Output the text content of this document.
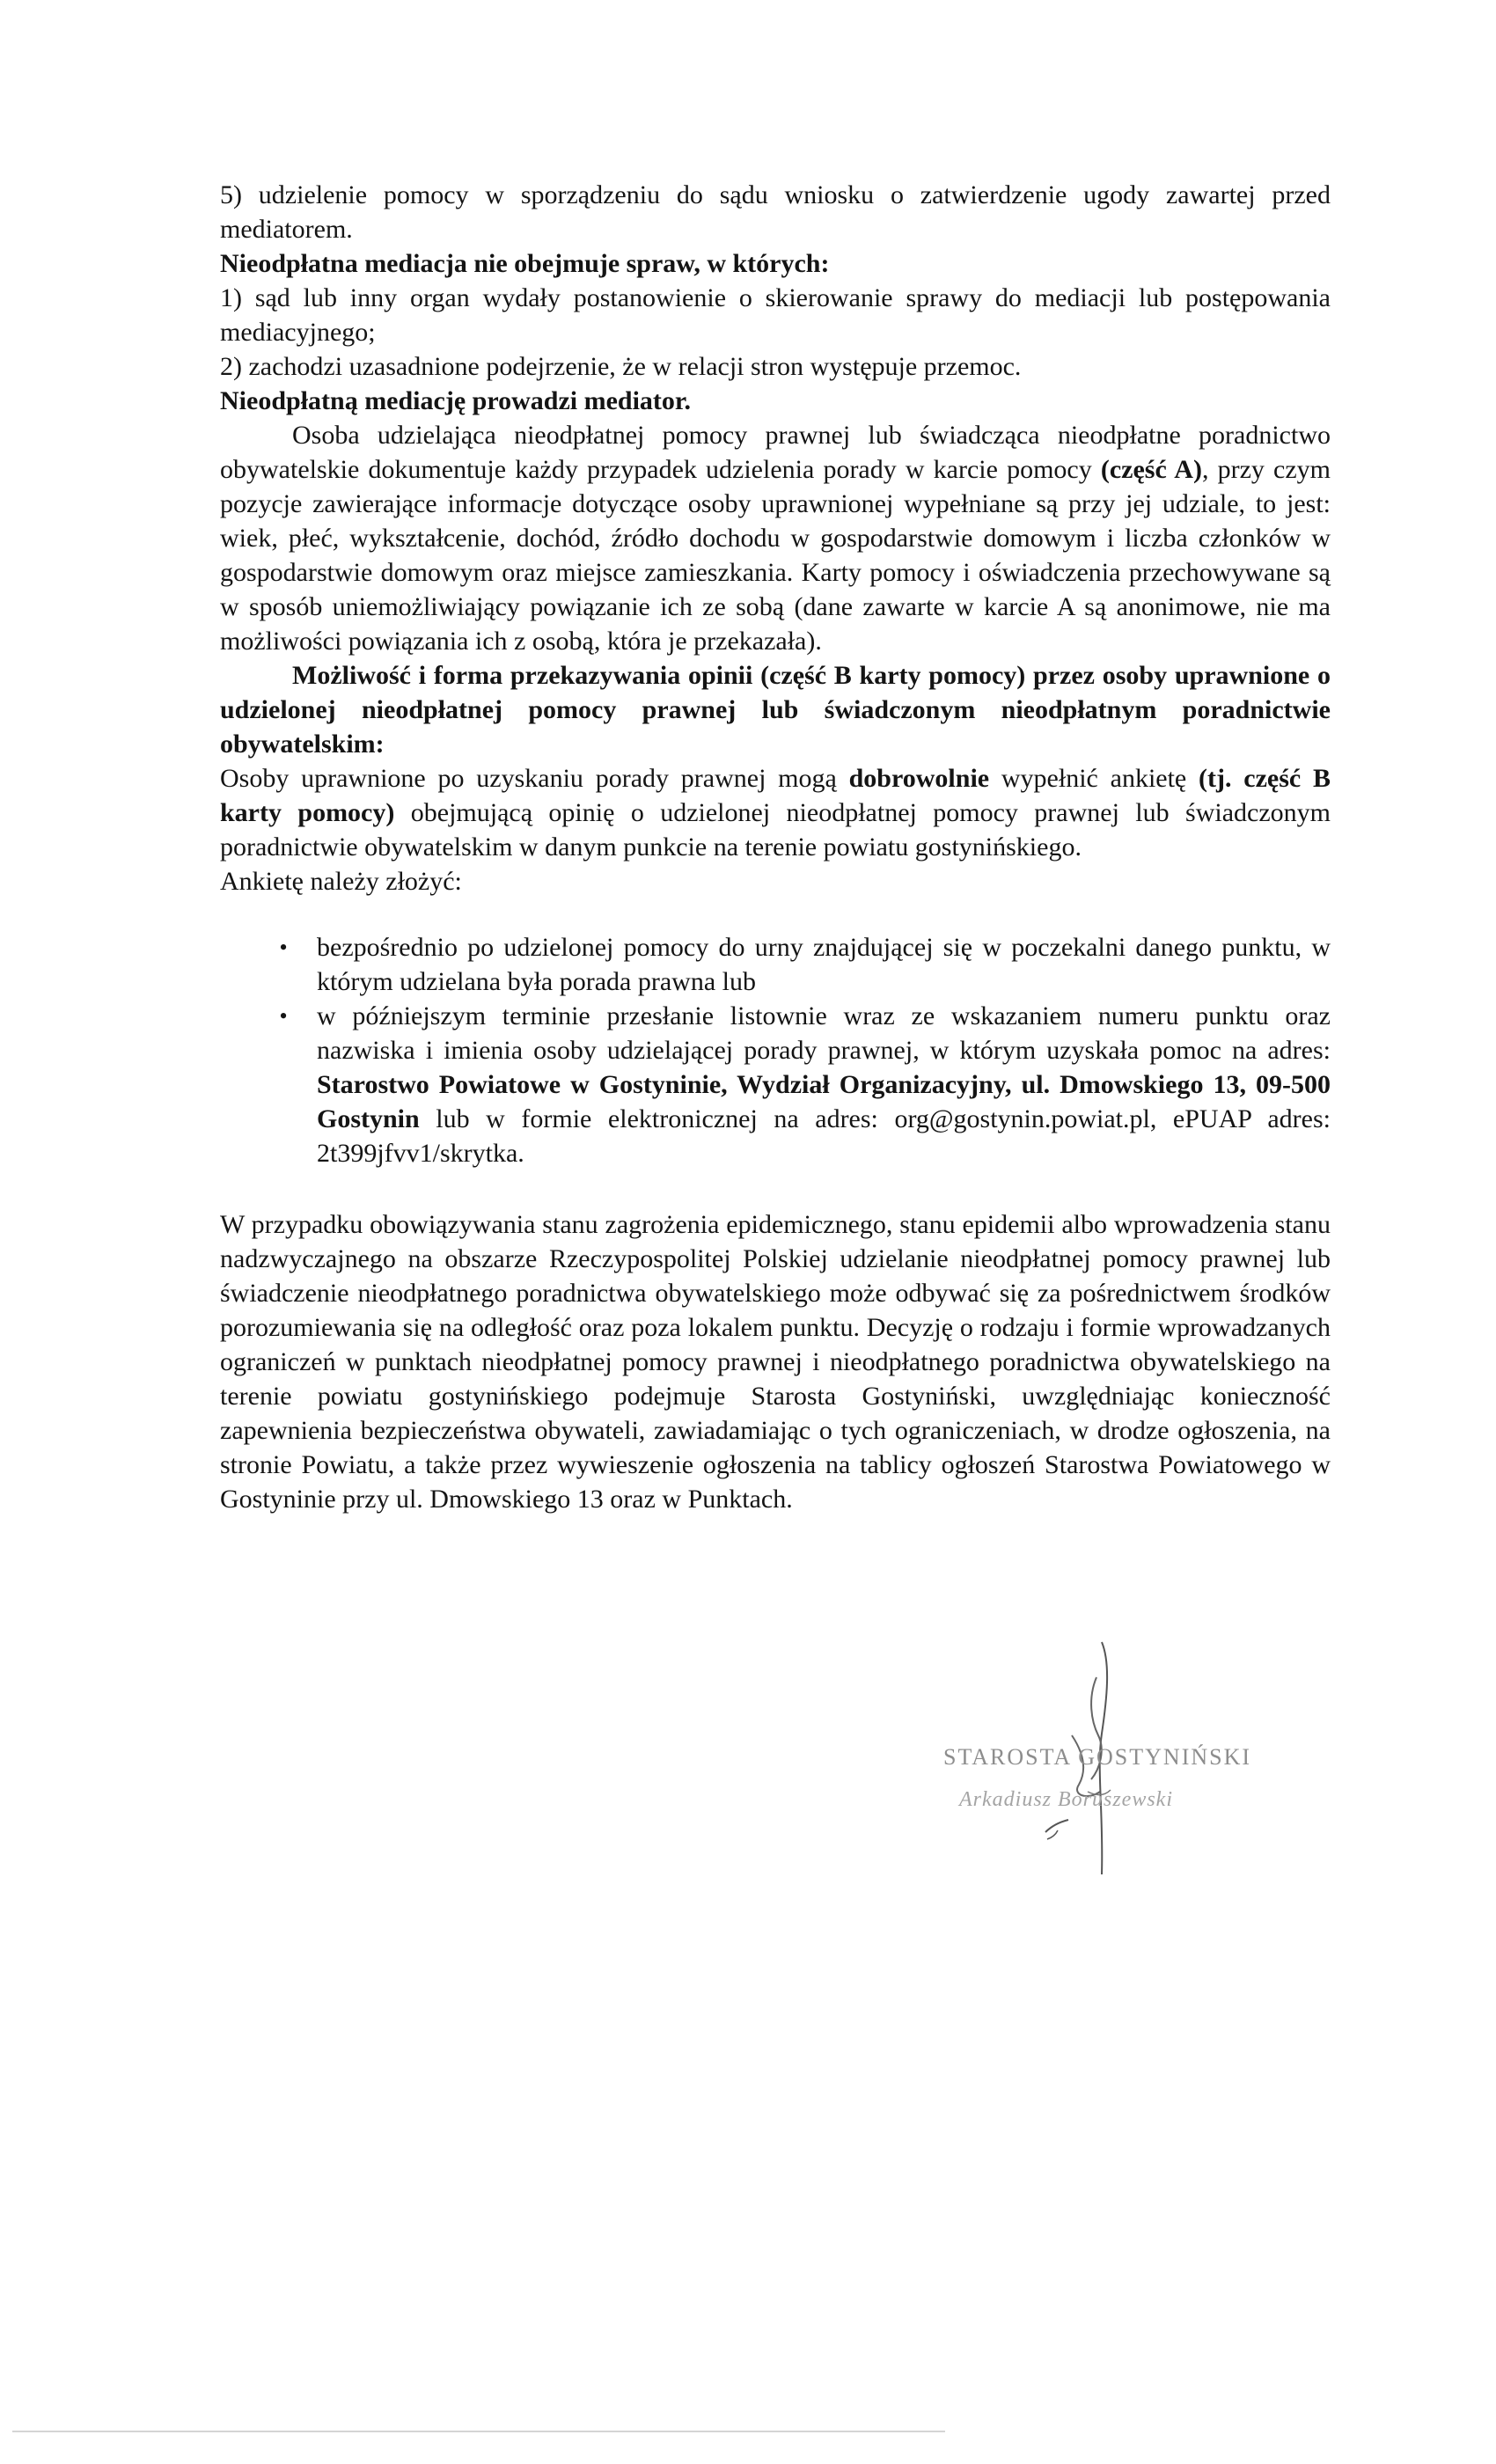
5) udzielenie pomocy w sporządzeniu do sądu wniosku o zatwierdzenie ugody zawartej przed mediatorem.

Nieodpłatna mediacja nie obejmuje spraw, w których:

1) sąd lub inny organ wydały postanowienie o skierowanie sprawy do mediacji lub postępowania mediacyjnego;

2) zachodzi uzasadnione podejrzenie, że w relacji stron występuje przemoc.

Nieodpłatną mediację prowadzi mediator.

Osoba udzielająca nieodpłatnej pomocy prawnej lub świadcząca nieodpłatne poradnictwo obywatelskie dokumentuje każdy przypadek udzielenia porady w karcie pomocy (część A), przy czym pozycje zawierające informacje dotyczące osoby uprawnionej wypełniane są przy jej udziale, to jest: wiek, płeć, wykształcenie, dochód, źródło dochodu w gospodarstwie domowym i liczba członków w gospodarstwie domowym oraz miejsce zamieszkania. Karty pomocy i oświadczenia przechowywane są w sposób uniemożliwiający powiązanie ich ze sobą (dane zawarte w karcie A są anonimowe, nie ma możliwości powiązania ich z osobą, która je przekazała).

Możliwość i forma przekazywania opinii (część B karty pomocy) przez osoby uprawnione o udzielonej nieodpłatnej pomocy prawnej lub świadczonym nieodpłatnym poradnictwie obywatelskim:

Osoby uprawnione po uzyskaniu porady prawnej mogą dobrowolnie wypełnić ankietę (tj. część B karty pomocy) obejmującą opinię o udzielonej nieodpłatnej pomocy prawnej lub świadczonym poradnictwie obywatelskim w danym punkcie na terenie powiatu gostynińskiego.

Ankietę należy złożyć:

• bezpośrednio po udzielonej pomocy do urny znajdującej się w poczekalni danego punktu, w którym udzielana była porada prawna lub
• w późniejszym terminie przesłanie listownie wraz ze wskazaniem numeru punktu oraz nazwiska i imienia osoby udzielającej porady prawnej, w którym uzyskała pomoc na adres: Starostwo Powiatowe w Gostyninie, Wydział Organizacyjny, ul. Dmowskiego 13, 09-500 Gostynin lub w formie elektronicznej na adres: org@gostynin.powiat.pl, ePUAP adres: 2t399jfvv1/skrytka.

W przypadku obowiązywania stanu zagrożenia epidemicznego, stanu epidemii albo wprowadzenia stanu nadzwyczajnego na obszarze Rzeczypospolitej Polskiej udzielanie nieodpłatnej pomocy prawnej lub świadczenie nieodpłatnego poradnictwa obywatelskiego może odbywać się za pośrednictwem środków porozumiewania się na odległość oraz poza lokalem punktu. Decyzję o rodzaju i formie wprowadzanych ograniczeń w punktach nieodpłatnej pomocy prawnej i nieodpłatnego poradnictwa obywatelskiego na terenie powiatu gostynińskiego podejmuje Starosta Gostyniński, uwzględniając konieczność zapewnienia bezpieczeństwa obywateli, zawiadamiając o tych ograniczeniach, w drodze ogłoszenia, na stronie Powiatu, a także przez wywieszenie ogłoszenia na tablicy ogłoszeń Starostwa Powiatowego w Gostyninie przy ul. Dmowskiego 13 oraz w Punktach.

STAROSTA GOSTYNIŃSKI
Arkadiusz Boruszewski
